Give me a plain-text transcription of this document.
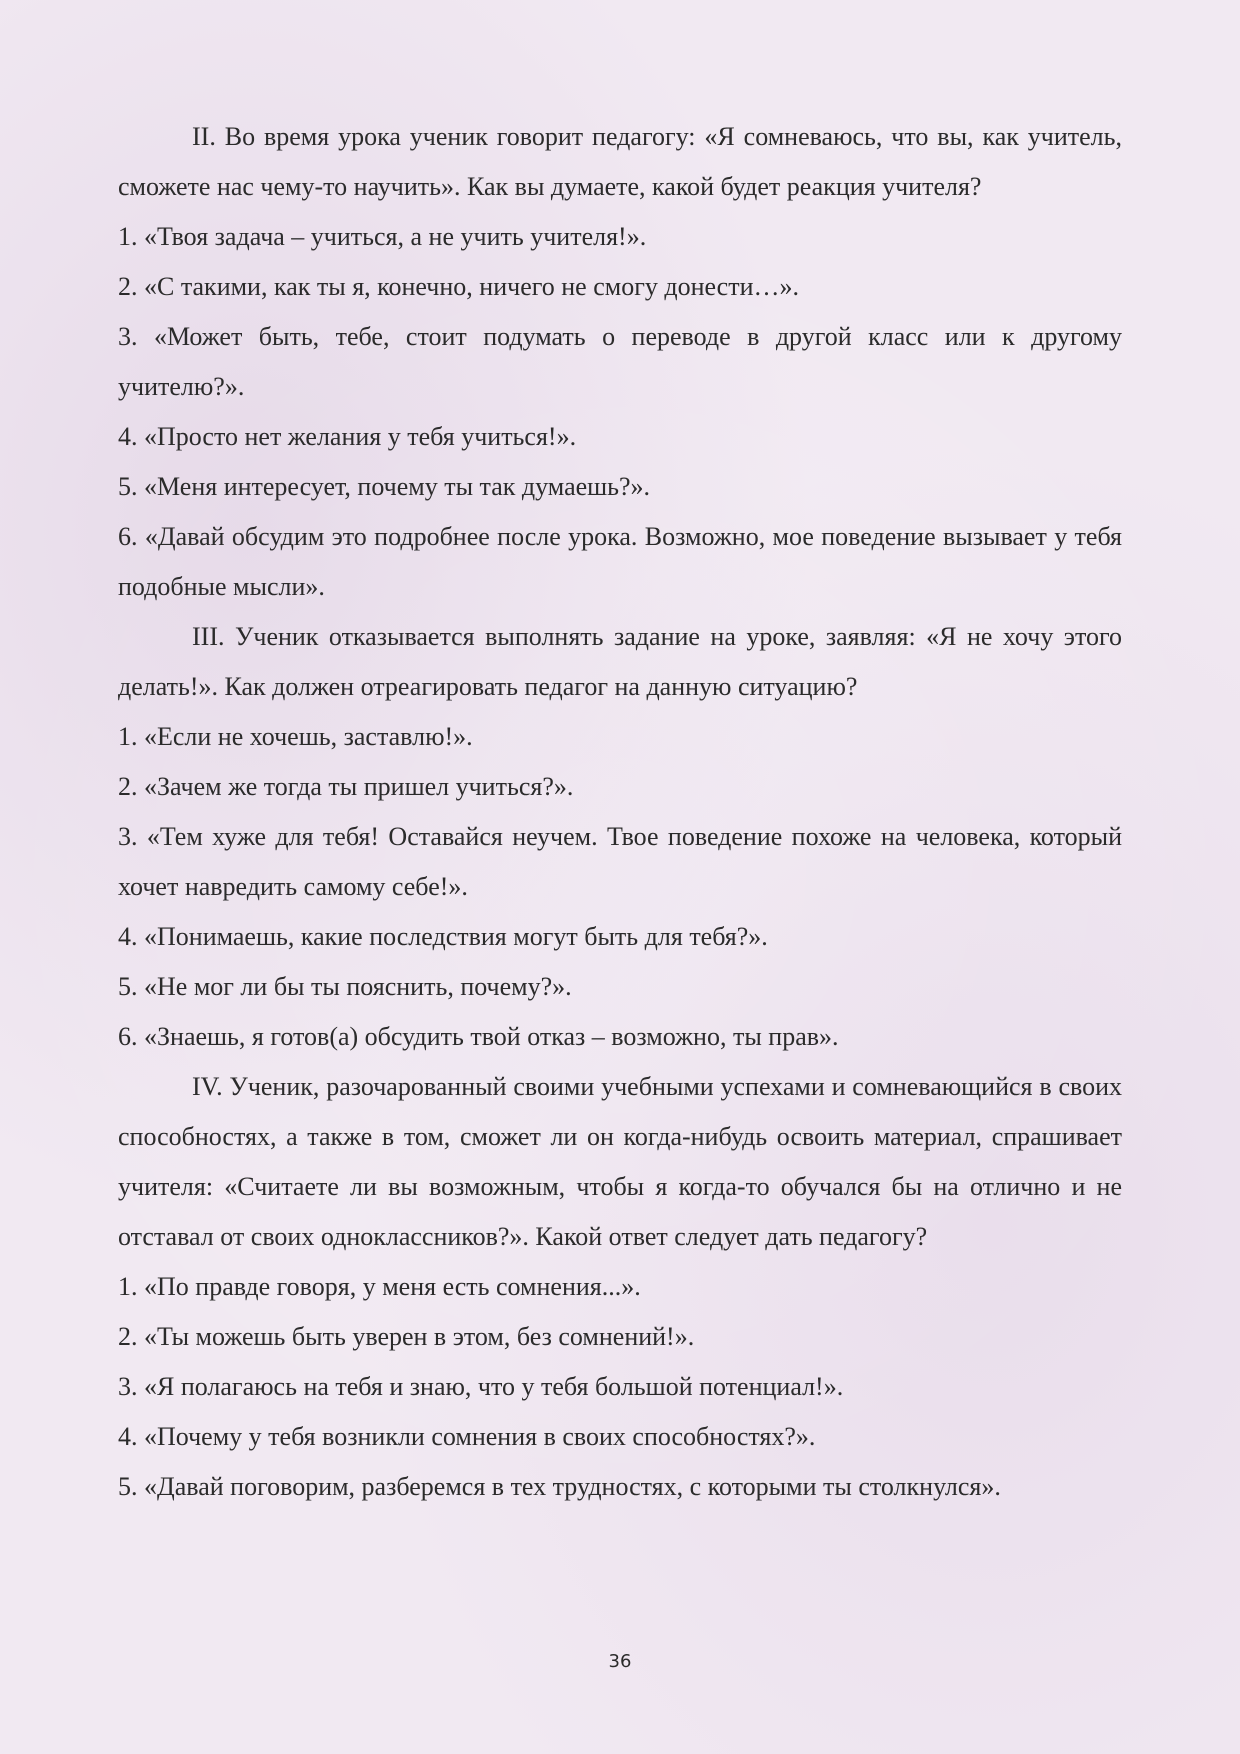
II. Во время урока ученик говорит педагогу: «Я сомневаюсь, что вы, как учитель, сможете нас чему-то научить». Как вы думаете, какой будет реакция учителя?

1. «Твоя задача – учиться, а не учить учителя!».

2. «С такими, как ты я, конечно, ничего не смогу донести…».

3. «Может быть, тебе, стоит подумать о переводе в другой класс или к другому учителю?».

4. «Просто нет желания у тебя учиться!».

5. «Меня интересует, почему ты так думаешь?».

6. «Давай обсудим это подробнее после урока. Возможно, мое поведение вызывает у тебя подобные мысли».

III. Ученик отказывается выполнять задание на уроке, заявляя: «Я не хочу этого делать!». Как должен отреагировать педагог на данную ситуацию?

1. «Если не хочешь, заставлю!».

2. «Зачем же тогда ты пришел учиться?».

3. «Тем хуже для тебя! Оставайся неучем. Твое поведение похоже на человека, который хочет навредить самому себе!».

4. «Понимаешь, какие последствия могут быть для тебя?».

5. «Не мог ли бы ты пояснить, почему?».

6. «Знаешь, я готов(а) обсудить твой отказ – возможно, ты прав».

IV. Ученик, разочарованный своими учебными успехами и сомневающийся в своих способностях, а также в том, сможет ли он когда-нибудь освоить материал, спрашивает учителя: «Считаете ли вы возможным, чтобы я когда-то обучался бы на отлично и не отставал от своих одноклассников?». Какой ответ следует дать педагогу?

1. «По правде говоря, у меня есть сомнения...».

2. «Ты можешь быть уверен в этом, без сомнений!».

3. «Я полагаюсь на тебя и знаю, что у тебя большой потенциал!».

4. «Почему у тебя возникли сомнения в своих способностях?».

5. «Давай поговорим, разберемся в тех трудностях, с которыми ты столкнулся».

36
